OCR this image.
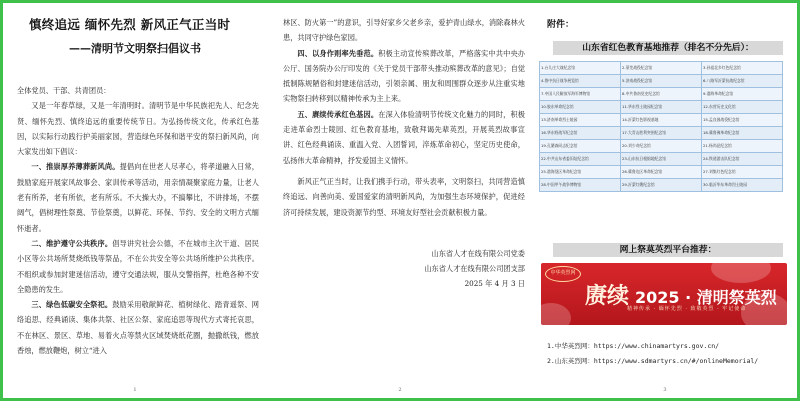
慎终追远 缅怀先烈 新风正气正当时
——清明节文明祭扫倡议书

全体党员、干部、共青团员：

又是一年春草绿，又是一年清明时。清明节是中华民族祀先人、纪念先贤、缅怀先烈、慎终追远的重要传统节日。为弘扬传统文化，传承红色基因，以实际行动践行护美丽家园，营造绿色环保和谐平安的祭扫新风尚，向大家发出如下倡议：

一、推崇厚养薄葬新风尚。提倡向在世老人尽孝心，将孝道融入日常，鼓励家庭开展家风故事会、家训传承等活动，用亲情凝聚家庭力量，让老人老有所养，老有所依，老有所乐。不大操大办，不搞攀比，不讲排场，不摆阔气，倡树理性祭奠、节俭祭奠，以鲜花、环保、节约、安全的文明方式缅怀逝者。

二、维护遵守公共秩序。倡导讲究社会公德，不在城市主次干道、居民小区等公共场所焚烧纸钱等祭品，不在公共安全等公共场所维护公共秩序。不组织或参加封建迷信活动，遵守交通法规，服从交警指挥，杜绝各种不安全隐患的发生。

三、绿色低碳安全祭祀。鼓励采用敬献鲜花、植树绿化、踏青遥祭、网络追思、经典诵读、集体共祭、社区公祭、家庭追思等现代方式寄托哀思，不在林区、景区、草地、易着火点等禁火区域焚烧纸花圈，抛撒纸钱，燃放香烛，燃放鞭炮，树立“进入

1

林区、防火第一”的意识，引导好家乡父老乡亲，爱护青山绿水，消除森林火患，共同守护绿色家园。

四、以身作则率先垂范。积极主动宣传殡葬改革，严格落实中共中央办公厅、国务院办公厅印发的《关于党员干部带头推动殡葬改革的意见》；自觉抵制陈规陋俗和封建迷信活动，引领亲属、朋友和周围群众逐步从注重实地实物祭扫转移到以精神传承为主上来。

五、赓续传承红色基因。在深入体验清明节传统文化魅力的同时，积极走进革命烈士陵园、红色教育基地，致敬拜谒先辈英烈，开展英烈故事宣讲、红色经典诵读、重温入党、入团誓词，淬炼革命初心，坚定历史使命，弘扬伟大革命精神，抒发爱国主义情怀。

新风正气正当时，让我们携手行动，带头表率，文明祭扫，共同营造慎终追远、向善向美、爱国爱家的清明新风尚，为加强生态环境保护，促进经济可持续发展，建设资源节约型、环境友好型社会贡献积极力量。

山东省人才在线有限公司党委
山东省人才在线有限公司团支部
2025 年 4 月 3 日
2
附件：
山东省红色教育基地推荐（排名不分先后）：
1.台儿庄大战纪念馆	2.莱芜战役纪念馆	3.孙祖北乡红色纪念馆
4.鲁中抗日战争展览馆	5.济南战役纪念馆	6.八路军沂蒙抗战纪念馆
7.中国人民解放军海军博物馆	8.中共鲁南党史纪念馆	9.渤海革命纪念馆
10.胶东革命纪念馆	11.华东烈士陵园纪念馆	12.东营历史文化馆
13.济南革命烈士陵园	14.沂蒙红色影视基地	15.孟良崮战役纪念馆
16.华东野战军纪念馆	17.大青山胜利突围纪念馆	18.冀鲁豫革命纪念馆
19.孔繁森同志纪念馆	20.刘少奇纪念馆	21.杨尚昆纪念馆
22.中共山东省委旧址纪念馆	23.山东抗日根据地纪念馆	24.铁道游击队纪念馆
25.渤海垦区革命纪念馆	26.冀鲁边区革命纪念馆	27.刘集红色纪念馆
28.中国甲午战争博物馆	29.沂蒙红嫂纪念馆	30.临沂华东革命烈士陵园
网上祭莫英烈平台推荐：
中华英烈网
赓续 2025 · 清明祭英烈
精神传承 · 缅怀先烈 · 致敬英烈 · 牢记使命
1.中华英烈网：https://www.chinamartyrs.gov.cn/
2.山东英烈网：https://www.sdmartyrs.cn/#/onlineMemorial/
3
